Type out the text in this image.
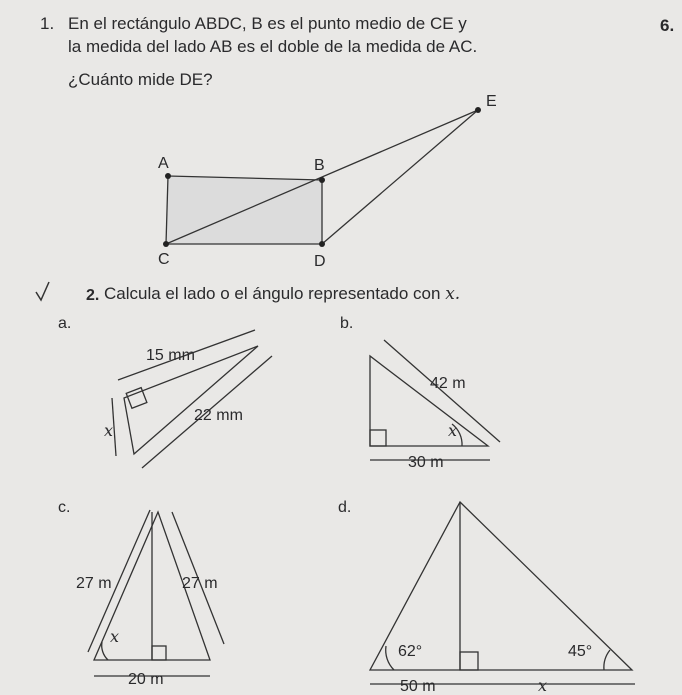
1. En el rectángulo ABDC, B es el punto medio de CE y
la medida del lado AB es el doble de la medida de AC.
¿Cuánto mide DE?
6.
A	B
C	D
E
2.
a.
15 mm
22 mm
x
b.
42 m
x
30 m
c.
27 m	27 m
x
20 m
d.
62°	45°
50 m	x
Calcula el lado o el ángulo representado con x.
